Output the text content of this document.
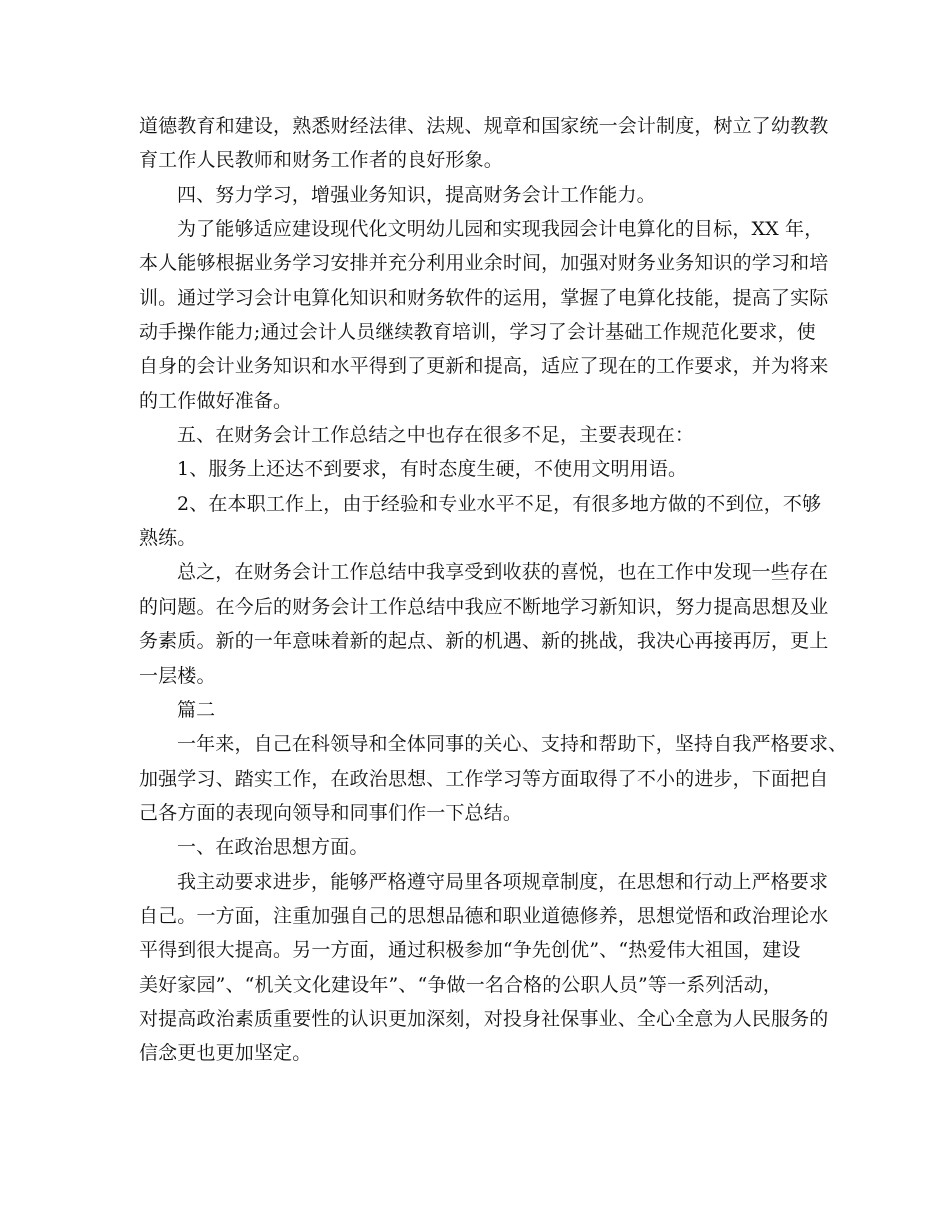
道德教育和建设，熟悉财经法律、法规、规章和国家统一会计制度，树立了幼教教
育工作人民教师和财务工作者的良好形象。
四、努力学习，增强业务知识，提高财务会计工作能力。
为了能够适应建设现代化文明幼儿园和实现我园会计电算化的目标，XX 年，
本人能够根据业务学习安排并充分利用业余时间，加强对财务业务知识的学习和培
训。通过学习会计电算化知识和财务软件的运用，掌握了电算化技能，提高了实际
动手操作能力;通过会计人员继续教育培训，学习了会计基础工作规范化要求，使
自身的会计业务知识和水平得到了更新和提高，适应了现在的工作要求，并为将来
的工作做好准备。
五、在财务会计工作总结之中也存在很多不足，主要表现在：
1、服务上还达不到要求，有时态度生硬，不使用文明用语。
2、在本职工作上，由于经验和专业水平不足，有很多地方做的不到位，不够
熟练。
总之，在财务会计工作总结中我享受到收获的喜悦，也在工作中发现一些存在
的问题。在今后的财务会计工作总结中我应不断地学习新知识，努力提高思想及业
务素质。新的一年意味着新的起点、新的机遇、新的挑战，我决心再接再厉，更上
一层楼。
篇二
一年来，自己在科领导和全体同事的关心、支持和帮助下，坚持自我严格要求、
加强学习、踏实工作，在政治思想、工作学习等方面取得了不小的进步，下面把自
己各方面的表现向领导和同事们作一下总结。
一、在政治思想方面。
我主动要求进步，能够严格遵守局里各项规章制度，在思想和行动上严格要求
自己。一方面，注重加强自己的思想品德和职业道德修养，思想觉悟和政治理论水
平得到很大提高。另一方面，通过积极参加“争先创优”、“热爱伟大祖国，建设
美好家园”、“机关文化建设年”、“争做一名合格的公职人员”等一系列活动，
对提高政治素质重要性的认识更加深刻，对投身社保事业、全心全意为人民服务的
信念更也更加坚定。
